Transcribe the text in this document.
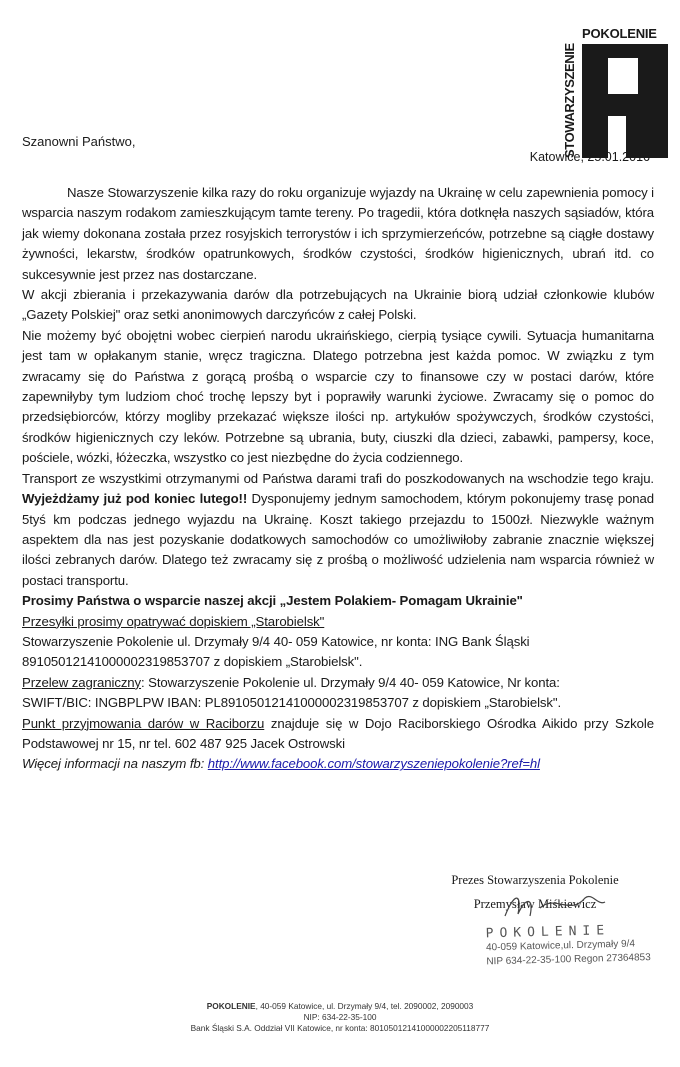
STOWARZYSZENIE
POKOLENIE
Szanowni Państwo,
Katowice, 25.01.2016

Nasze Stowarzyszenie kilka razy do roku organizuje wyjazdy na Ukrainę w celu zapewnienia pomocy i wsparcia naszym rodakom zamieszkującym tamte tereny. Po tragedii, która dotknęła naszych sąsiadów, która jak wiemy dokonana została przez rosyjskich terrorystów i ich sprzymierzeńców, potrzebne są ciągłe dostawy żywności, lekarstw, środków opatrunkowych, środków czystości, środków higienicznych, ubrań itd. co sukcesywnie jest przez nas dostarczane.

W akcji zbierania i przekazywania darów dla potrzebujących na Ukrainie biorą udział członkowie klubów „Gazety Polskiej" oraz setki anonimowych darczyńców z całej Polski.

Nie możemy być obojętni wobec cierpień narodu ukraińskiego, cierpią tysiące cywili. Sytuacja humanitarna jest tam w opłakanym stanie, wręcz tragiczna. Dlatego potrzebna jest każda pomoc. W związku z tym zwracamy się do Państwa z gorącą prośbą o wsparcie czy to finansowe czy w postaci darów, które zapewniłyby tym ludziom choć trochę lepszy byt i poprawiły warunki życiowe. Zwracamy się o pomoc do przedsiębiorców, którzy mogliby przekazać większe ilości np. artykułów spożywczych, środków czystości, środków higienicznych czy leków. Potrzebne są ubrania, buty, ciuszki dla dzieci, zabawki, pampersy, koce, pościele, wózki, łóżeczka, wszystko co jest niezbędne do życia codziennego.

Transport ze wszystkimi otrzymanymi od Państwa darami trafi do poszkodowanych na wschodzie tego kraju. Wyjeżdżamy już pod koniec lutego!! Dysponujemy jednym samochodem, którym pokonujemy trasę ponad 5tyś km podczas jednego wyjazdu na Ukrainę. Koszt takiego przejazdu to 1500zł. Niezwykle ważnym aspektem dla nas jest pozyskanie dodatkowych samochodów co umożliwiłoby zabranie znacznie większej ilości zebranych darów. Dlatego też zwracamy się z prośbą o możliwość udzielenia nam wsparcia również w postaci transportu.

Prosimy Państwa o wsparcie naszej akcji „Jestem Polakiem- Pomagam Ukrainie"

Przesyłki prosimy opatrywać dopiskiem „Starobielsk"

Stowarzyszenie Pokolenie ul. Drzymały 9/4 40- 059 Katowice, nr konta: ING Bank Śląski

89105012141000002319853707 z dopiskiem „Starobielsk".

Przelew zagraniczny: Stowarzyszenie Pokolenie ul. Drzymały 9/4 40- 059 Katowice, Nr konta:

SWIFT/BIC: INGBPLPW IBAN: PL89105012141000002319853707 z dopiskiem „Starobielsk".

Punkt przyjmowania darów w Raciborzu znajduje się w Dojo Raciborskiego Ośrodka Aikido przy Szkole Podstawowej nr 15, nr tel. 602 487 925 Jacek Ostrowski

Więcej informacji na naszym fb: http://www.facebook.com/stowarzyszeniepokolenie?ref=hl

Prezes Stowarzyszenia Pokolenie
Przemysław Miśkiewicz
POKOLENIE
40-059 Katowice,ul. Drzymały 9/4
NIP 634-22-35-100 Regon 27364853
POKOLENIE, 40-059 Katowice, ul. Drzymały 9/4, tel. 2090002, 2090003
NIP: 634-22-35-100
Bank Śląski S.A. Oddział VII Katowice, nr konta: 80105012141000002205118777
